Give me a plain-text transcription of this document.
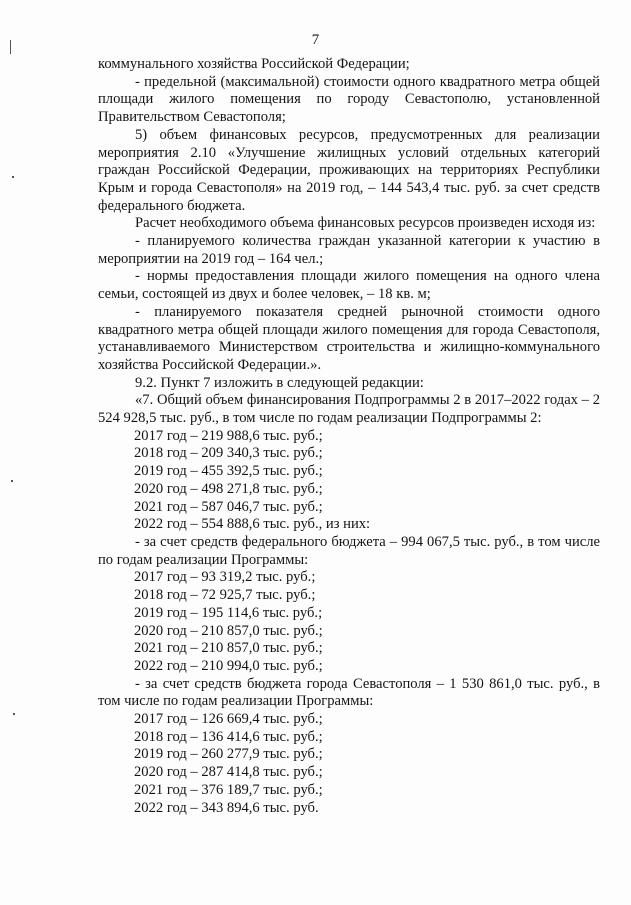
7
коммунального хозяйства Российской Федерации;
- предельной (максимальной) стоимости одного квадратного метра общей площади жилого помещения по городу Севастополю, установленной Правительством Севастополя;
5) объем финансовых ресурсов, предусмотренных для реализации мероприятия 2.10 «Улучшение жилищных условий отдельных категорий граждан Российской Федерации, проживающих на территориях Республики Крым и города Севастополя» на 2019 год, – 144 543,4 тыс. руб. за счет средств федерального бюджета.
Расчет необходимого объема финансовых ресурсов произведен исходя из:
- планируемого количества граждан указанной категории к участию в мероприятии на 2019 год – 164 чел.;
- нормы предоставления площади жилого помещения на одного члена семьи, состоящей из двух и более человек, – 18 кв. м;
- планируемого показателя средней рыночной стоимости одного квадратного метра общей площади жилого помещения для города Севастополя, устанавливаемого Министерством строительства и жилищно-коммунального хозяйства Российской Федерации.».
9.2. Пункт 7 изложить в следующей редакции:
«7. Общий объем финансирования Подпрограммы 2 в 2017–2022 годах – 2 524 928,5 тыс. руб., в том числе по годам реализации Подпрограммы 2:
2017 год – 219 988,6 тыс. руб.;
2018 год – 209 340,3 тыс. руб.;
2019 год – 455 392,5 тыс. руб.;
2020 год – 498 271,8 тыс. руб.;
2021 год – 587 046,7 тыс. руб.;
2022 год – 554 888,6 тыс. руб., из них:
- за счет средств федерального бюджета – 994 067,5 тыс. руб., в том числе по годам реализации Программы:
2017 год – 93 319,2 тыс. руб.;
2018 год – 72 925,7 тыс. руб.;
2019 год – 195 114,6 тыс. руб.;
2020 год – 210 857,0 тыс. руб.;
2021 год – 210 857,0 тыс. руб.;
2022 год – 210 994,0 тыс. руб.;
- за счет средств бюджета города Севастополя – 1 530 861,0 тыс. руб., в том числе по годам реализации Программы:
2017 год – 126 669,4 тыс. руб.;
2018 год – 136 414,6 тыс. руб.;
2019 год – 260 277,9 тыс. руб.;
2020 год – 287 414,8 тыс. руб.;
2021 год – 376 189,7 тыс. руб.;
2022 год – 343 894,6 тыс. руб.
